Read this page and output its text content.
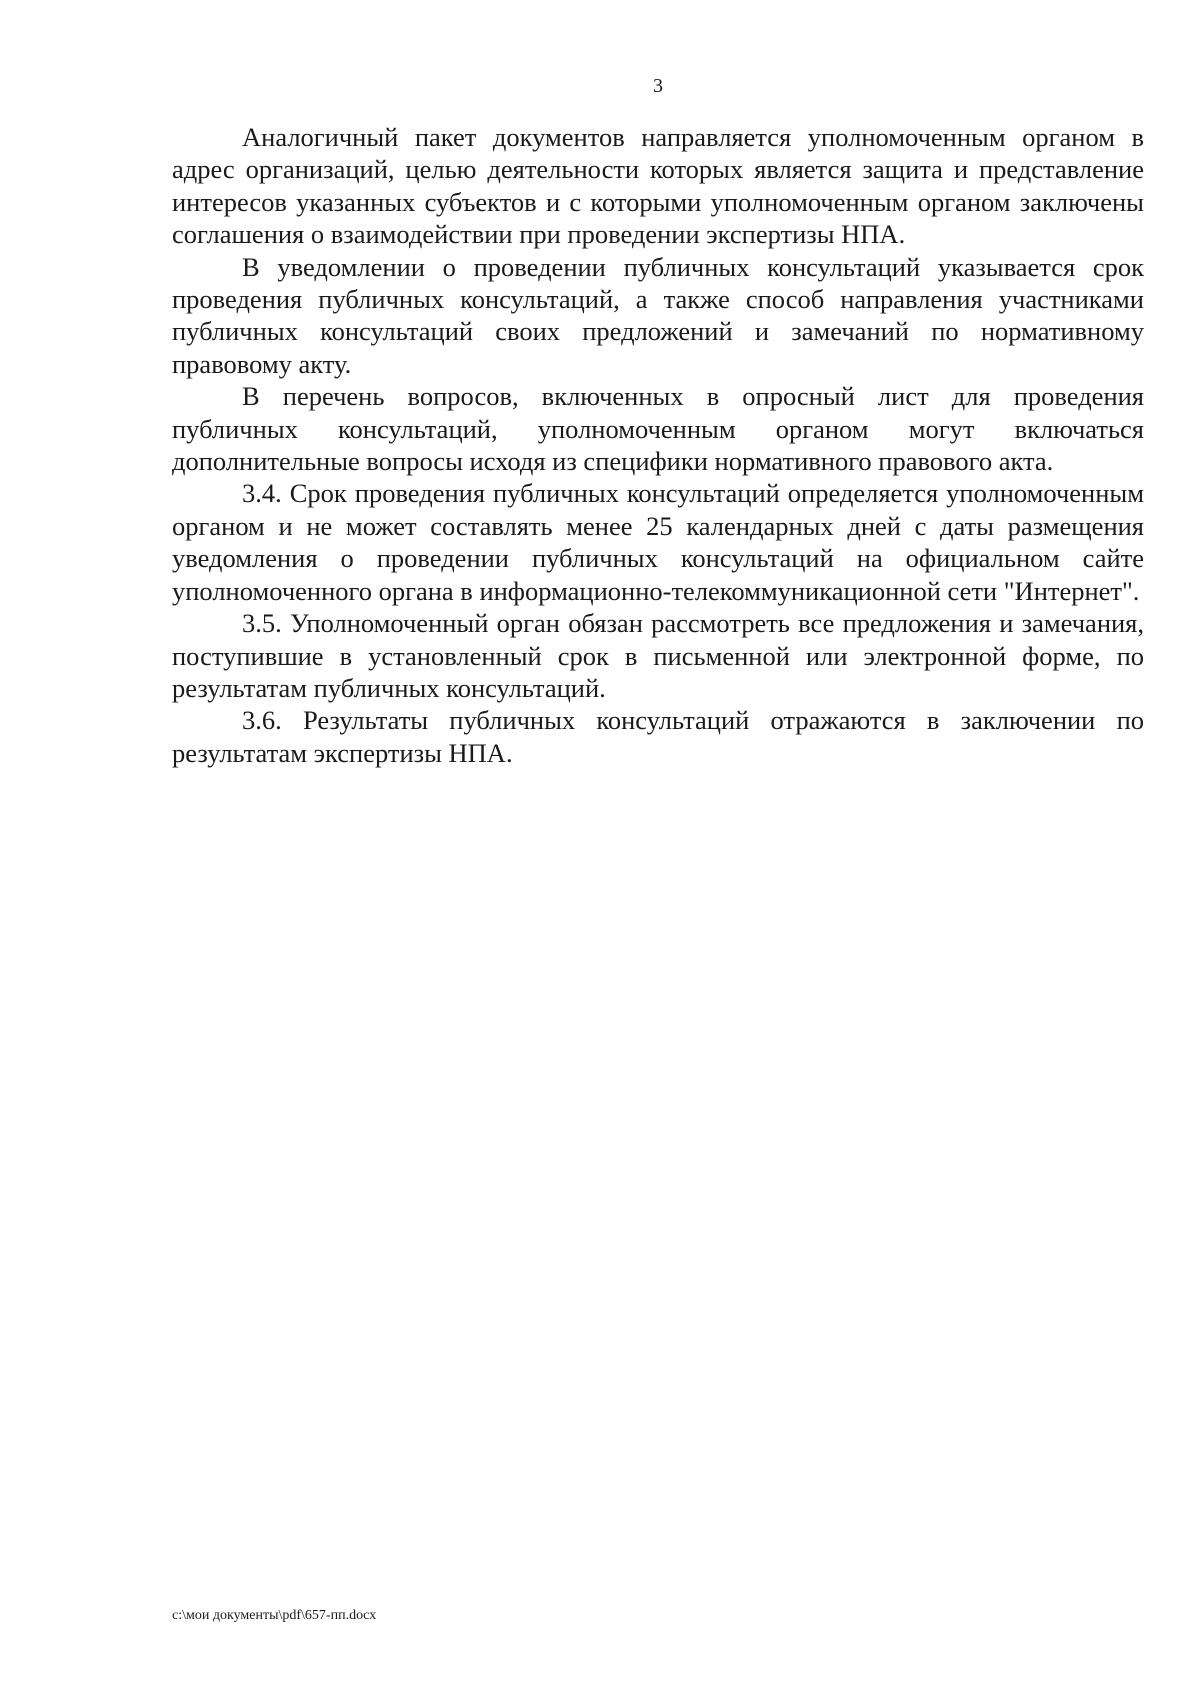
3

Аналогичный пакет документов направляется уполномоченным органом в адрес организаций, целью деятельности которых является защита и представление интересов указанных субъектов и с которыми уполномоченным органом заключены соглашения о взаимодействии при проведении экспертизы НПА.

В уведомлении о проведении публичных консультаций указывается срок проведения публичных консультаций, а также способ направления участниками публичных консультаций своих предложений и замечаний по нормативному правовому акту.

В перечень вопросов, включенных в опросный лист для проведения публичных консультаций, уполномоченным органом могут включаться дополнительные вопросы исходя из специфики нормативного правового акта.

3.4. Срок проведения публичных консультаций определяется уполномоченным органом и не может составлять менее 25 календарных дней с даты размещения уведомления о проведении публичных консультаций на официальном сайте уполномоченного органа в информационно-телекоммуникационной сети "Интернет".

3.5. Уполномоченный орган обязан рассмотреть все предложения и замечания, поступившие в установленный срок в письменной или электронной форме, по результатам публичных консультаций.

3.6. Результаты публичных консультаций отражаются в заключении по результатам экспертизы НПА.

c:\мои документы\pdf\657-пп.docx
